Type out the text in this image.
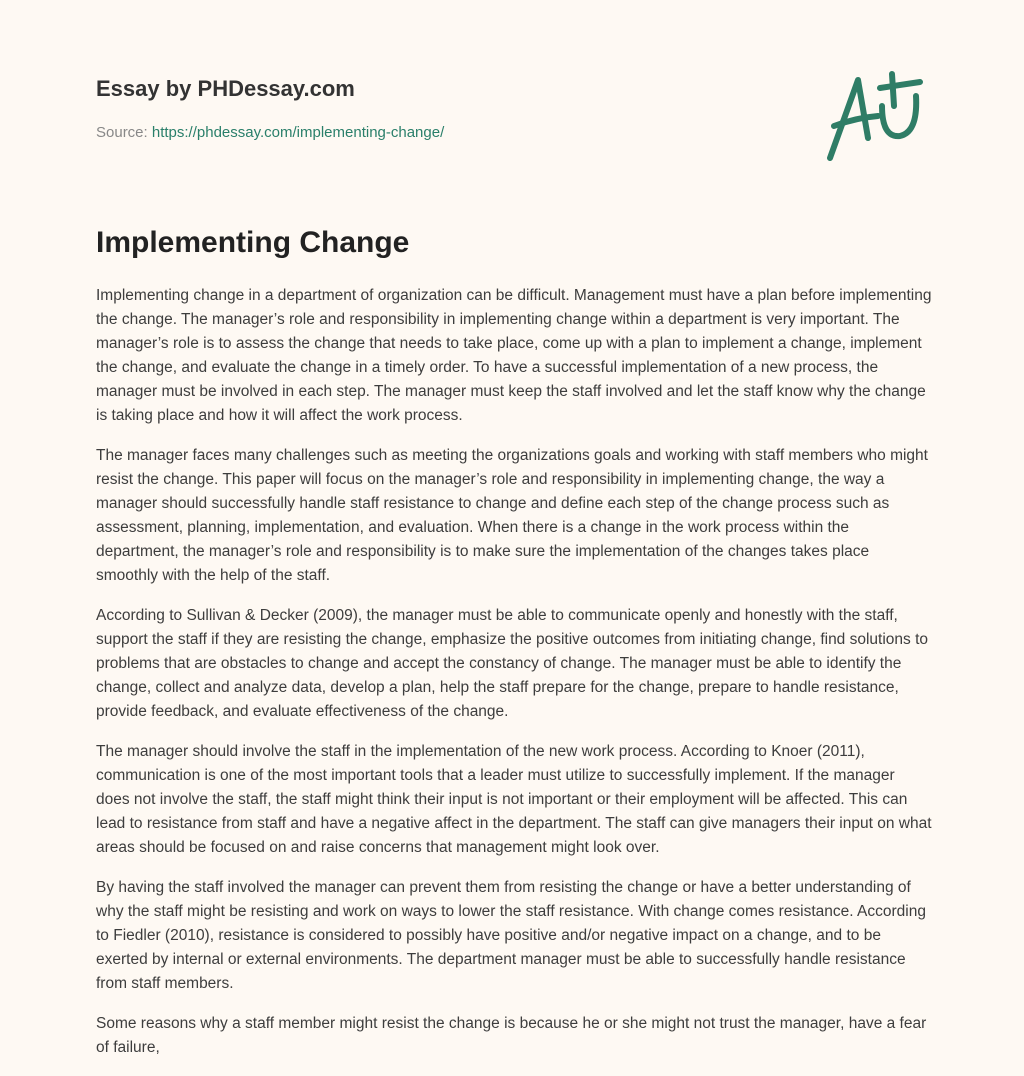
Essay by PHDessay.com
Source: https://phdessay.com/implementing-change/
Implementing Change

Implementing change in a department of organization can be difficult. Management must have a plan before implementing the change. The manager’s role and responsibility in implementing change within a department is very important. The manager’s role is to assess the change that needs to take place, come up with a plan to implement a change, implement the change, and evaluate the change in a timely order. To have a successful implementation of a new process, the manager must be involved in each step. The manager must keep the staff involved and let the staff know why the change is taking place and how it will affect the work process.

The manager faces many challenges such as meeting the organizations goals and working with staff members who might resist the change. This paper will focus on the manager’s role and responsibility in implementing change, the way a manager should successfully handle staff resistance to change and define each step of the change process such as assessment, planning, implementation, and evaluation. When there is a change in the work process within the department, the manager’s role and responsibility is to make sure the implementation of the changes takes place smoothly with the help of the staff.

According to Sullivan & Decker (2009), the manager must be able to communicate openly and honestly with the staff, support the staff if they are resisting the change, emphasize the positive outcomes from initiating change, find solutions to problems that are obstacles to change and accept the constancy of change. The manager must be able to identify the change, collect and analyze data, develop a plan, help the staff prepare for the change, prepare to handle resistance, provide feedback, and evaluate effectiveness of the change.

The manager should involve the staff in the implementation of the new work process. According to Knoer (2011), communication is one of the most important tools that a leader must utilize to successfully implement. If the manager does not involve the staff, the staff might think their input is not important or their employment will be affected. This can lead to resistance from staff and have a negative affect in the department. The staff can give managers their input on what areas should be focused on and raise concerns that management might look over.

By having the staff involved the manager can prevent them from resisting the change or have a better understanding of why the staff might be resisting and work on ways to lower the staff resistance. With change comes resistance. According to Fiedler (2010), resistance is considered to possibly have positive and/or negative impact on a change, and to be exerted by internal or external environments. The department manager must be able to successfully handle resistance from staff members.

Some reasons why a staff member might resist the change is because he or she might not trust the manager, have a fear of failure,
